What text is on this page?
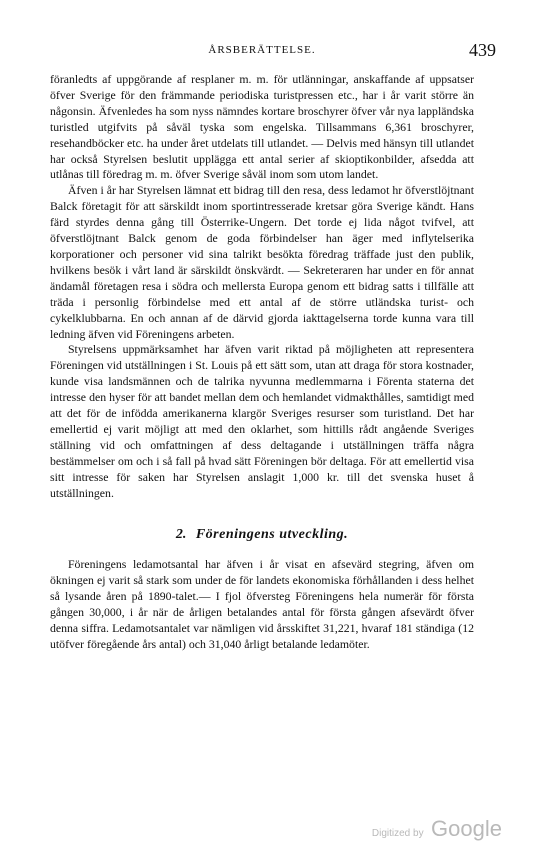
ÅRSBERÄTTELSE.	439

föranledts af uppgörande af resplaner m. m. för utlänningar, anskaffande af uppsatser öfver Sverige för den främmande periodiska turistpressen etc., har i år varit större än någonsin. Äfvenledes ha som nyss nämndes kortare broschyrer öfver vår nya lappländska turistled utgifvits på såväl tyska som engelska. Tillsammans 6,361 broschyrer, resehandböcker etc. ha under året utdelats till utlandet. — Delvis med hänsyn till utlandet har också Styrelsen beslutit upplägga ett antal serier af skioptikonbilder, afsedda att utlånas till föredrag m. m. öfver Sverige såväl inom som utom landet.

Äfven i år har Styrelsen lämnat ett bidrag till den resa, dess ledamot hr öfverstlöjtnant Balck företagit för att särskildt inom sportintresserade kretsar göra Sverige kändt. Hans färd styrdes denna gång till Österrike-Ungern. Det torde ej lida något tvifvel, att öfverstlöjtnant Balck genom de goda förbindelser han äger med inflytelserika korporationer och personer vid sina talrikt besökta föredrag träffade just den publik, hvilkens besök i vårt land är särskildt önskvärdt. — Sekreteraren har under en för annat ändamål företagen resa i södra och mellersta Europa genom ett bidrag satts i tillfälle att träda i personlig förbindelse med ett antal af de större utländska turist- och cykelklubbarna. En och annan af de därvid gjorda iakttagelserna torde kunna vara till ledning äfven vid Föreningens arbeten.

Styrelsens uppmärksamhet har äfven varit riktad på möjligheten att representera Föreningen vid utställningen i St. Louis på ett sätt som, utan att draga för stora kostnader, kunde visa landsmännen och de talrika nyvunna medlemmarna i Förenta staterna det intresse den hyser för att bandet mellan dem och hemlandet vidmakthålles, samtidigt med att det för de infödda amerikanerna klargör Sveriges resurser som turistland. Det har emellertid ej varit möjligt att med den oklarhet, som hittills rådt angående Sveriges ställning vid och omfattningen af dess deltagande i utställningen träffa några bestämmelser om och i så fall på hvad sätt Föreningen bör deltaga. För att emellertid visa sitt intresse för saken har Styrelsen anslagit 1,000 kr. till det svenska huset å utställningen.

2. Föreningens utveckling.

Föreningens ledamotsantal har äfven i år visat en afsevärd stegring, äfven om ökningen ej varit så stark som under de för landets ekonomiska förhållanden i dess helhet så lysande åren på 1890-talet.— I fjol öfversteg Föreningens hela numerär för första gången 30,000, i år när de årligen betalandes antal för första gången afsevärdt öfver denna siffra. Ledamotsantalet var nämligen vid årsskiftet 31,221, hvaraf 181 ständiga (12 utöfver föregående års antal) och 31,040 årligt betalande ledamöter.

Digitized by Google
